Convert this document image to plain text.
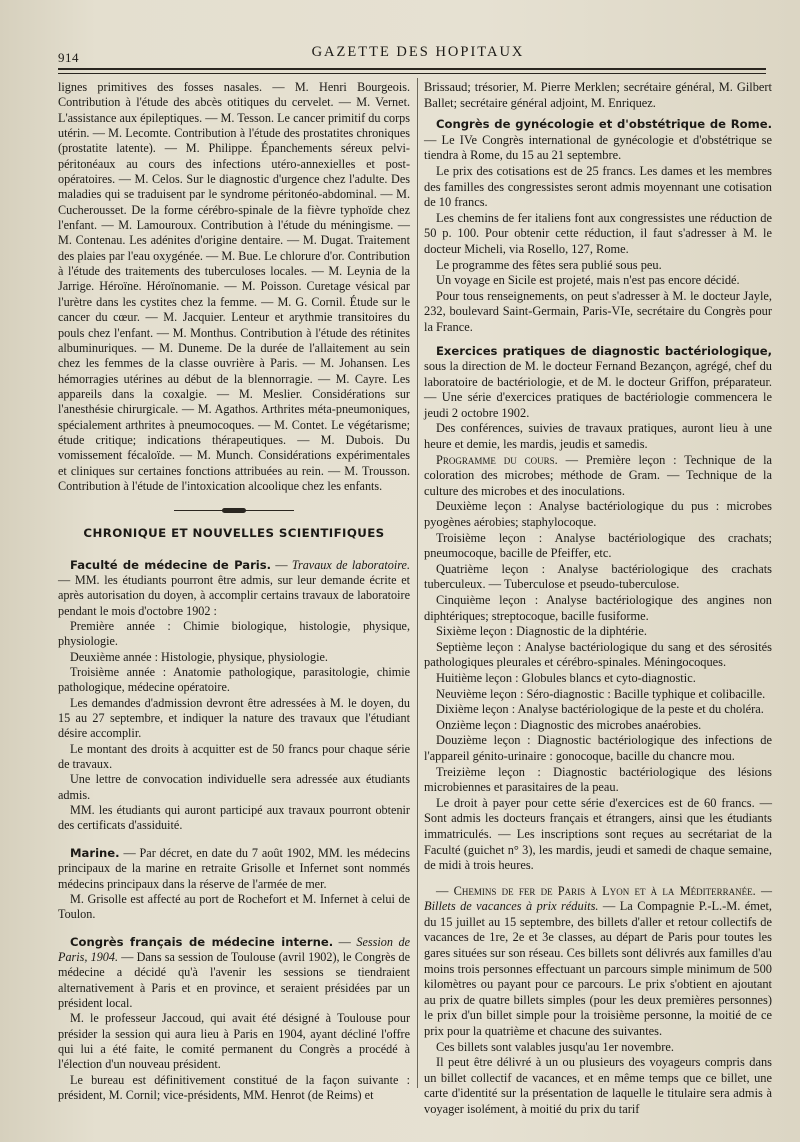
914	GAZETTE DES HOPITAUX

lignes primitives des fosses nasales. — M. Henri Bourgeois. Contribution à l'étude des abcès otitiques du cervelet. — M. Vernet. L'assistance aux épileptiques. — M. Tesson. Le cancer primitif du corps utérin. — M. Lecomte. Contribution à l'étude des prostatites chroniques (prostatite latente). — M. Philippe. Épanchements séreux pelvi-péritonéaux au cours des infections utéro-annexielles et post-opératoires. — M. Celos. Sur le diagnostic d'urgence chez l'adulte. Des maladies qui se traduisent par le syndrome péritonéo-abdominal. — M. Cucherousset. De la forme cérébro-spinale de la fièvre typhoïde chez l'enfant. — M. Lamouroux. Contribution à l'étude du méningisme. — M. Contenau. Les adénites d'origine dentaire. — M. Dugat. Traitement des plaies par l'eau oxygénée. — M. Bue. Le chlorure d'or. Contribution à l'étude des traitements des tuberculoses locales. — M. Leynia de la Jarrige. Héroïne. Héroïnomanie. — M. Poisson. Curetage vésical par l'urètre dans les cystites chez la femme. — M. G. Cornil. Étude sur le cancer du cœur. — M. Jacquier. Lenteur et arythmie transitoires du pouls chez l'enfant. — M. Monthus. Contribution à l'étude des rétinites albuminuriques. — M. Duneme. De la durée de l'allaitement au sein chez les femmes de la classe ouvrière à Paris. — M. Johansen. Les hémorragies utérines au début de la blennorragie. — M. Cayre. Les appareils dans la coxalgie. — M. Meslier. Considérations sur l'anesthésie chirurgicale. — M. Agathos. Arthrites méta-pneumoniques, spécialement arthrites à pneumocoques. — M. Contet. Le végétarisme; étude critique; indications thérapeutiques. — M. Dubois. Du vomissement fécaloïde. — M. Munch. Considérations expérimentales et cliniques sur certaines fonctions attribuées au rein. — M. Trousson. Contribution à l'étude de l'intoxication alcoolique chez les enfants.

CHRONIQUE ET NOUVELLES SCIENTIFIQUES

Faculté de médecine de Paris. — Travaux de laboratoire. — MM. les étudiants pourront être admis, sur leur demande écrite et après autorisation du doyen, à accomplir certains travaux de laboratoire pendant le mois d'octobre 1902 :

Première année : Chimie biologique, histologie, physique, physiologie.

Deuxième année : Histologie, physique, physiologie.

Troisième année : Anatomie pathologique, parasitologie, chimie pathologique, médecine opératoire.

Les demandes d'admission devront être adressées à M. le doyen, du 15 au 27 septembre, et indiquer la nature des travaux que l'étudiant désire accomplir.

Le montant des droits à acquitter est de 50 francs pour chaque série de travaux.

Une lettre de convocation individuelle sera adressée aux étudiants admis.

MM. les étudiants qui auront participé aux travaux pourront obtenir des certificats d'assiduité.

Marine. — Par décret, en date du 7 août 1902, MM. les médecins principaux de la marine en retraite Grisolle et Infernet sont nommés médecins principaux dans la réserve de l'armée de mer.

M. Grisolle est affecté au port de Rochefort et M. Infernet à celui de Toulon.

Congrès français de médecine interne. — Session de Paris, 1904. — Dans sa session de Toulouse (avril 1902), le Congrès de médecine a décidé qu'à l'avenir les sessions se tiendraient alternativement à Paris et en province, et seraient présidées par un président local.

M. le professeur Jaccoud, qui avait été désigné à Toulouse pour présider la session qui aura lieu à Paris en 1904, ayant décliné l'offre qui lui a été faite, le comité permanent du Congrès a procédé à l'élection d'un nouveau président.

Le bureau est définitivement constitué de la façon suivante : président, M. Cornil; vice-présidents, MM. Henrot (de Reims) et

Brissaud; trésorier, M. Pierre Merklen; secrétaire général, M. Gilbert Ballet; secrétaire général adjoint, M. Enriquez.

Congrès de gynécologie et d'obstétrique de Rome. — Le IVe Congrès international de gynécologie et d'obstétrique se tiendra à Rome, du 15 au 21 septembre.

Le prix des cotisations est de 25 francs. Les dames et les membres des familles des congressistes seront admis moyennant une cotisation de 10 francs.

Les chemins de fer italiens font aux congressistes une réduction de 50 p. 100. Pour obtenir cette réduction, il faut s'adresser à M. le docteur Micheli, via Rosello, 127, Rome.

Le programme des fêtes sera publié sous peu.

Un voyage en Sicile est projeté, mais n'est pas encore décidé.

Pour tous renseignements, on peut s'adresser à M. le docteur Jayle, 232, boulevard Saint-Germain, Paris-VIe, secrétaire du Congrès pour la France.

Exercices pratiques de diagnostic bactériologique, sous la direction de M. le docteur Fernand Bezançon, agrégé, chef du laboratoire de bactériologie, et de M. le docteur Griffon, préparateur. — Une série d'exercices pratiques de bactériologie commencera le jeudi 2 octobre 1902.

Des conférences, suivies de travaux pratiques, auront lieu à une heure et demie, les mardis, jeudis et samedis.

Programme du cours. — Première leçon : Technique de la coloration des microbes; méthode de Gram. — Technique de la culture des microbes et des inoculations.

Deuxième leçon : Analyse bactériologique du pus : microbes pyogènes aérobies; staphylocoque.

Troisième leçon : Analyse bactériologique des crachats; pneumocoque, bacille de Pfeiffer, etc.

Quatrième leçon : Analyse bactériologique des crachats tuberculeux. — Tuberculose et pseudo-tuberculose.

Cinquième leçon : Analyse bactériologique des angines non diphtériques; streptocoque, bacille fusiforme.

Sixième leçon : Diagnostic de la diphtérie.

Septième leçon : Analyse bactériologique du sang et des sérosités pathologiques pleurales et cérébro-spinales. Méningocoques.

Huitième leçon : Globules blancs et cyto-diagnostic.

Neuvième leçon : Séro-diagnostic : Bacille typhique et colibacille.

Dixième leçon : Analyse bactériologique de la peste et du choléra.

Onzième leçon : Diagnostic des microbes anaérobies.

Douzième leçon : Diagnostic bactériologique des infections de l'appareil génito-urinaire : gonocoque, bacille du chancre mou.

Treizième leçon : Diagnostic bactériologique des lésions microbiennes et parasitaires de la peau.

Le droit à payer pour cette série d'exercices est de 60 francs. — Sont admis les docteurs français et étrangers, ainsi que les étudiants immatriculés. — Les inscriptions sont reçues au secrétariat de la Faculté (guichet n° 3), les mardis, jeudi et samedi de chaque semaine, de midi à trois heures.

— Chemins de fer de Paris à Lyon et à la Méditerranée. — Billets de vacances à prix réduits. — La Compagnie P.-L.-M. émet, du 15 juillet au 15 septembre, des billets d'aller et retour collectifs de vacances de 1re, 2e et 3e classes, au départ de Paris pour toutes les gares situées sur son réseau. Ces billets sont délivrés aux familles d'au moins trois personnes effectuant un parcours simple minimum de 500 kilomètres ou payant pour ce parcours. Le prix s'obtient en ajoutant au prix de quatre billets simples (pour les deux premières personnes) le prix d'un billet simple pour la troisième personne, la moitié de ce prix pour la quatrième et chacune des suivantes.

Ces billets sont valables jusqu'au 1er novembre.

Il peut être délivré à un ou plusieurs des voyageurs compris dans un billet collectif de vacances, et en même temps que ce billet, une carte d'identité sur la présentation de laquelle le titulaire sera admis à voyager isolément, à moitié du prix du tarif
